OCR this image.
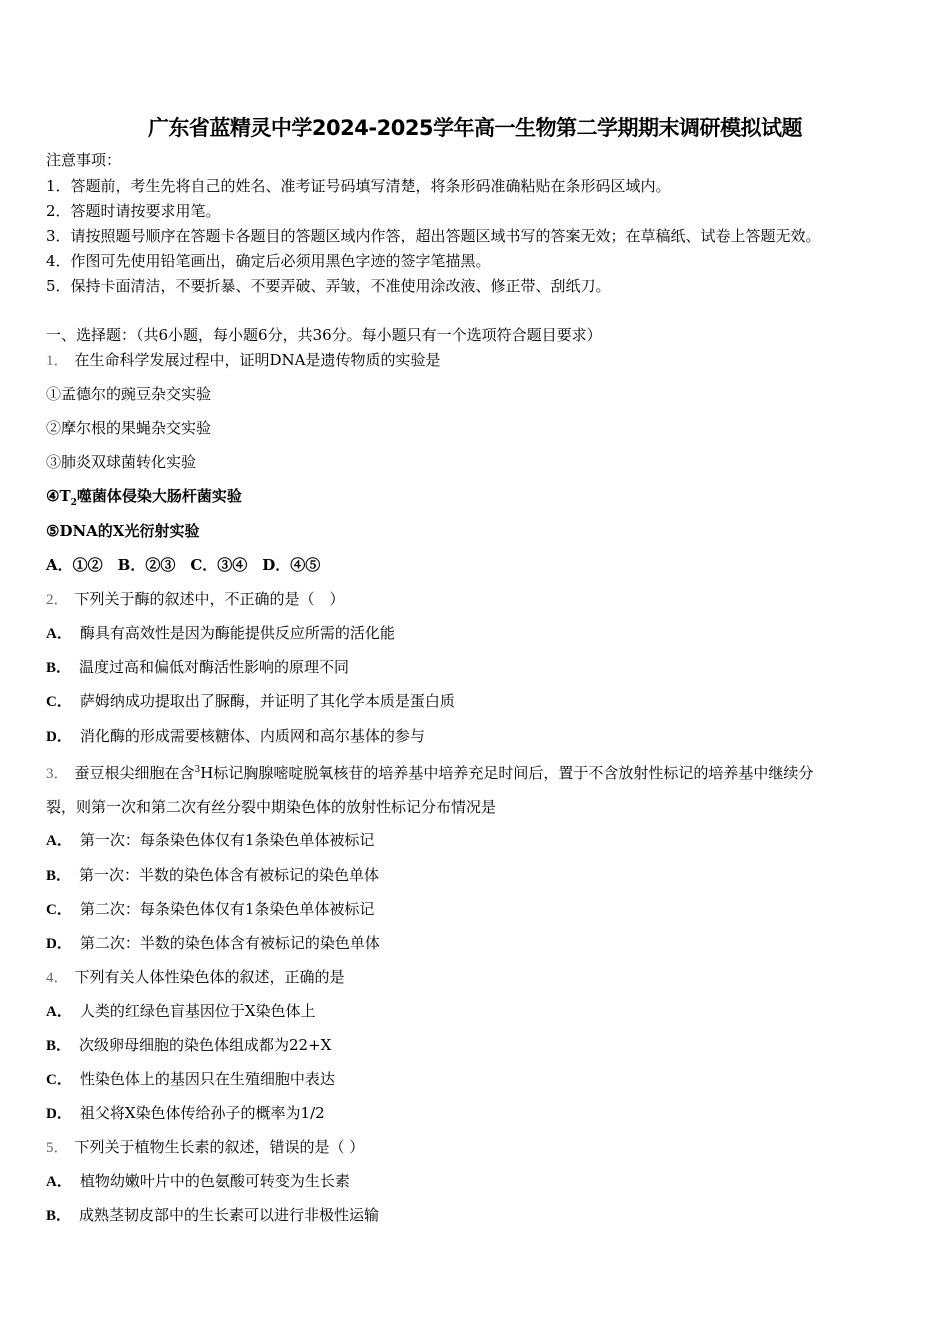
广东省蓝精灵中学2024-2025学年高一生物第二学期期末调研模拟试题
注意事项：
1．答题前，考生先将自己的姓名、准考证号码填写清楚，将条形码准确粘贴在条形码区域内。
2．答题时请按要求用笔。
3．请按照题号顺序在答题卡各题目的答题区域内作答，超出答题区域书写的答案无效；在草稿纸、试卷上答题无效。
4．作图可先使用铅笔画出，确定后必须用黑色字迹的签字笔描黑。
5．保持卡面清洁，不要折暴、不要弄破、弄皱，不准使用涂改液、修正带、刮纸刀。
一、选择题：（共6小题，每小题6分，共36分。每小题只有一个选项符合题目要求）
1． 在生命科学发展过程中，证明DNA是遗传物质的实验是
①孟德尔的豌豆杂交实验
②摩尔根的果蝇杂交实验
③肺炎双球菌转化实验
$④T_2$噬菌体侵染大肠杆菌实验
⑤DNA的X光衍射实验
A．①②　B．②③　C．③④　D．④⑤
2． 下列关于酶的叙述中，不正确的是（　）
A． 酶具有高效性是因为酶能提供反应所需的活化能
B． 温度过高和偏低对酶活性影响的原理不同
C． 萨姆纳成功提取出了脲酶，并证明了其化学本质是蛋白质
D． 消化酶的形成需要核糖体、内质网和高尔基体的参与
3． 蚕豆根尖细胞在含$^3$H标记胸腺嘧啶脱氧核苷的培养基中培养充足时间后，置于不含放射性标记的培养基中继续分
裂，则第一次和第二次有丝分裂中期染色体的放射性标记分布情况是
A． 第一次：每条染色体仅有1条染色单体被标记
B． 第一次：半数的染色体含有被标记的染色单体
C． 第二次：每条染色体仅有1条染色单体被标记
D． 第二次：半数的染色体含有被标记的染色单体
4． 下列有关人体性染色体的叙述，正确的是
A． 人类的红绿色盲基因位于X染色体上
B． 次级卵母细胞的染色体组成都为22+X
C． 性染色体上的基因只在生殖细胞中表达
D． 祖父将X染色体传给孙子的概率为1/2
5． 下列关于植物生长素的叙述，错误的是（ ）
A． 植物幼嫩叶片中的色氨酸可转变为生长素
B． 成熟茎韧皮部中的生长素可以进行非极性运输
